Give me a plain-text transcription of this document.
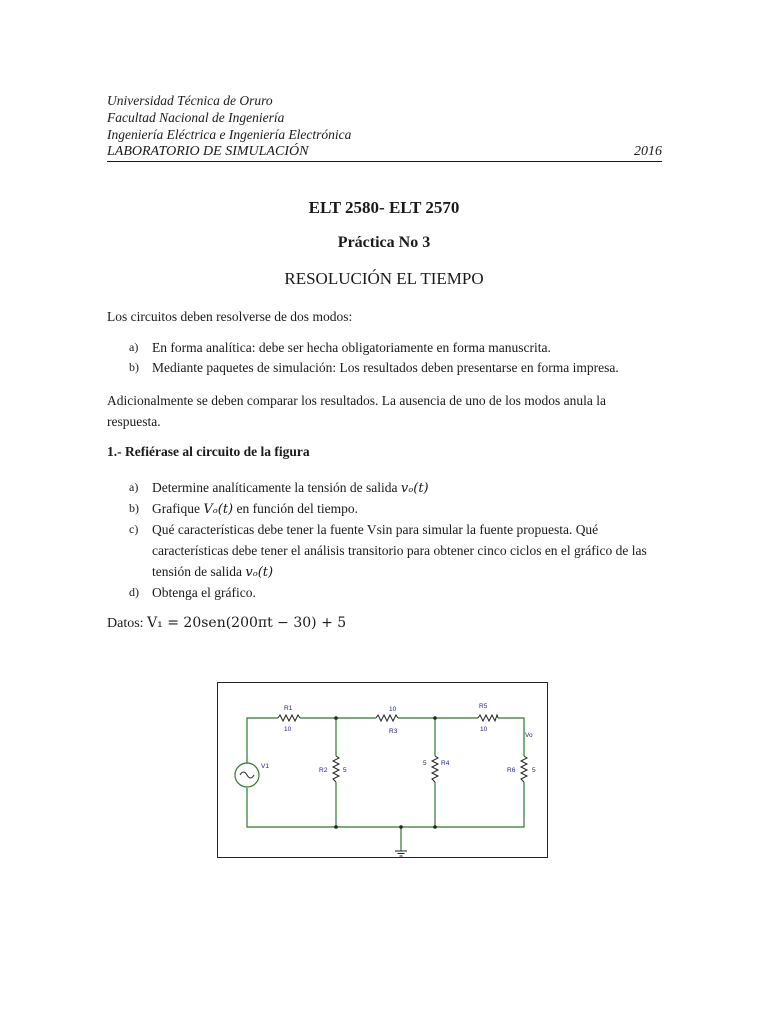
Universidad Técnica de Oruro
Facultad Nacional de Ingeniería
Ingeniería Eléctrica e Ingeniería Electrónica
LABORATORIO DE SIMULACIÓN	2016
ELT 2580- ELT 2570
Práctica No 3
RESOLUCIÓN EL TIEMPO
Los circuitos deben resolverse de dos modos:
a) En forma analítica: debe ser hecha obligatoriamente en forma manuscrita.
b) Mediante paquetes de simulación: Los resultados deben presentarse en forma impresa.
Adicionalmente se deben comparar los resultados. La ausencia de uno de los modos anula la respuesta.
1.- Refiérase al circuito de la figura
a) Determine analíticamente la tensión de salida vₒ(t)
b) Grafique Vₒ(t) en función del tiempo.
c) Qué características debe tener la fuente Vsin para simular la fuente propuesta. Qué características debe tener el análisis transitorio para obtener cinco ciclos en el gráfico de las tensión de salida vₒ(t)
d) Obtenga el gráfico.
Datos: V₁ = 20sen(200πt − 30) + 5
R1
10
10
R3
R5
10
Vo
R2 5
5 R4
R6	5
V1
